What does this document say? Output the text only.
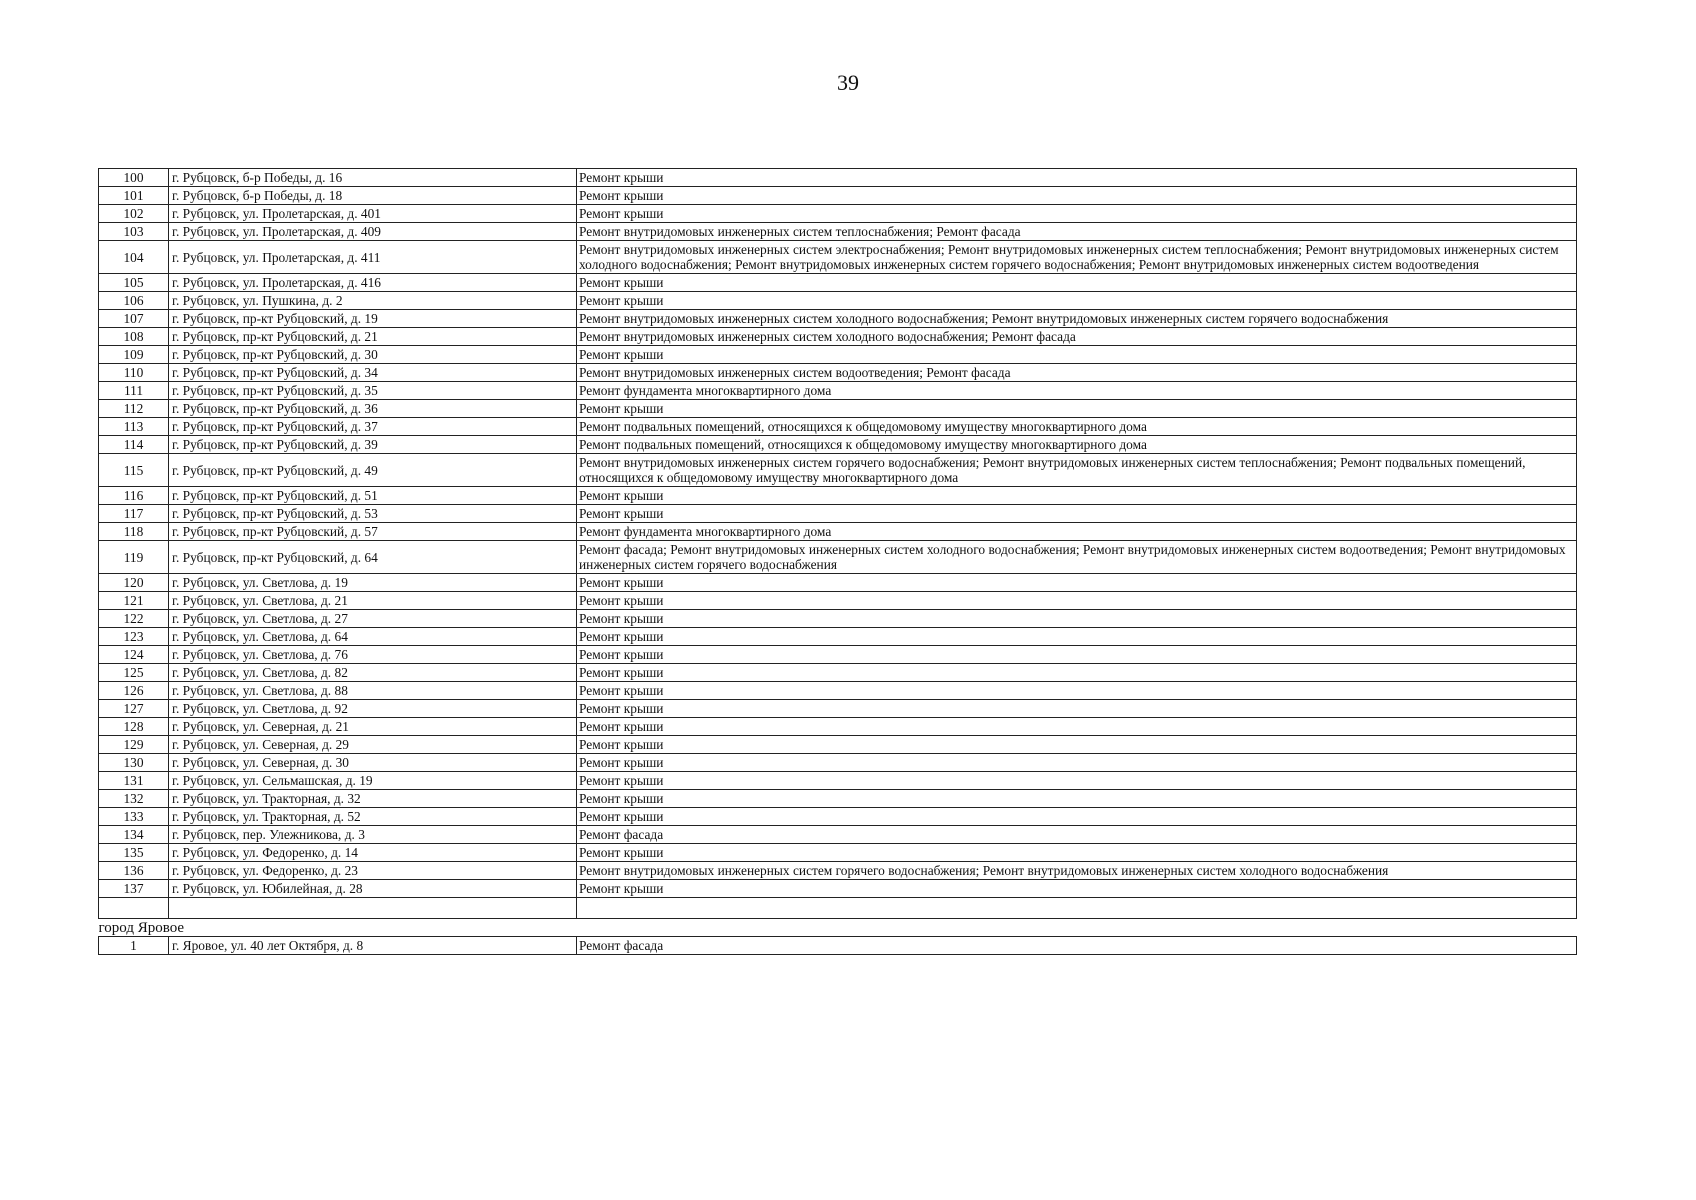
39
100	г. Рубцовск, б-р Победы, д. 16	Ремонт крыши
101	г. Рубцовск, б-р Победы, д. 18	Ремонт крыши
102	г. Рубцовск, ул. Пролетарская, д. 401	Ремонт крыши
103	г. Рубцовск, ул. Пролетарская, д. 409	Ремонт внутридомовых инженерных систем теплоснабжения; Ремонт фасада
104	г. Рубцовск, ул. Пролетарская, д. 411	Ремонт внутридомовых инженерных систем электроснабжения; Ремонт внутридомовых инженерных систем теплоснабжения; Ремонт внутридомовых инженерных систем холодного водоснабжения; Ремонт внутридомовых инженерных систем горячего водоснабжения; Ремонт внутридомовых инженерных систем водоотведения
105	г. Рубцовск, ул. Пролетарская, д. 416	Ремонт крыши
106	г. Рубцовск, ул. Пушкина, д. 2	Ремонт крыши
107	г. Рубцовск, пр-кт Рубцовский, д. 19	Ремонт внутридомовых инженерных систем холодного водоснабжения; Ремонт внутридомовых инженерных систем горячего водоснабжения
108	г. Рубцовск, пр-кт Рубцовский, д. 21	Ремонт внутридомовых инженерных систем холодного водоснабжения; Ремонт фасада
109	г. Рубцовск, пр-кт Рубцовский, д. 30	Ремонт крыши
110	г. Рубцовск, пр-кт Рубцовский, д. 34	Ремонт внутридомовых инженерных систем водоотведения; Ремонт фасада
111	г. Рубцовск, пр-кт Рубцовский, д. 35	Ремонт фундамента многоквартирного дома
112	г. Рубцовск, пр-кт Рубцовский, д. 36	Ремонт крыши
113	г. Рубцовск, пр-кт Рубцовский, д. 37	Ремонт подвальных помещений, относящихся к общедомовому имуществу многоквартирного дома
114	г. Рубцовск, пр-кт Рубцовский, д. 39	Ремонт подвальных помещений, относящихся к общедомовому имуществу многоквартирного дома
115	г. Рубцовск, пр-кт Рубцовский, д. 49	Ремонт внутридомовых инженерных систем горячего водоснабжения; Ремонт внутридомовых инженерных систем теплоснабжения; Ремонт подвальных помещений, относящихся к общедомовому имуществу многоквартирного дома
116	г. Рубцовск, пр-кт Рубцовский, д. 51	Ремонт крыши
117	г. Рубцовск, пр-кт Рубцовский, д. 53	Ремонт крыши
118	г. Рубцовск, пр-кт Рубцовский, д. 57	Ремонт фундамента многоквартирного дома
119	г. Рубцовск, пр-кт Рубцовский, д. 64	Ремонт фасада; Ремонт внутридомовых инженерных систем холодного водоснабжения; Ремонт внутридомовых инженерных систем водоотведения; Ремонт внутридомовых инженерных систем горячего водоснабжения
120	г. Рубцовск, ул. Светлова, д. 19	Ремонт крыши
121	г. Рубцовск, ул. Светлова, д. 21	Ремонт крыши
122	г. Рубцовск, ул. Светлова, д. 27	Ремонт крыши
123	г. Рубцовск, ул. Светлова, д. 64	Ремонт крыши
124	г. Рубцовск, ул. Светлова, д. 76	Ремонт крыши
125	г. Рубцовск, ул. Светлова, д. 82	Ремонт крыши
126	г. Рубцовск, ул. Светлова, д. 88	Ремонт крыши
127	г. Рубцовск, ул. Светлова, д. 92	Ремонт крыши
128	г. Рубцовск, ул. Северная, д. 21	Ремонт крыши
129	г. Рубцовск, ул. Северная, д. 29	Ремонт крыши
130	г. Рубцовск, ул. Северная, д. 30	Ремонт крыши
131	г. Рубцовск, ул. Сельмашская, д. 19	Ремонт крыши
132	г. Рубцовск, ул. Тракторная, д. 32	Ремонт крыши
133	г. Рубцовск, ул. Тракторная, д. 52	Ремонт крыши
134	г. Рубцовск, пер. Улежникова, д. 3	Ремонт фасада
135	г. Рубцовск, ул. Федоренко, д. 14	Ремонт крыши
136	г. Рубцовск, ул. Федоренко, д. 23	Ремонт внутридомовых инженерных систем горячего водоснабжения; Ремонт внутридомовых инженерных систем холодного водоснабжения
137	г. Рубцовск, ул. Юбилейная, д. 28	Ремонт крыши

город Яровое		
1	г. Яровое, ул. 40 лет Октября, д. 8	Ремонт фасада
